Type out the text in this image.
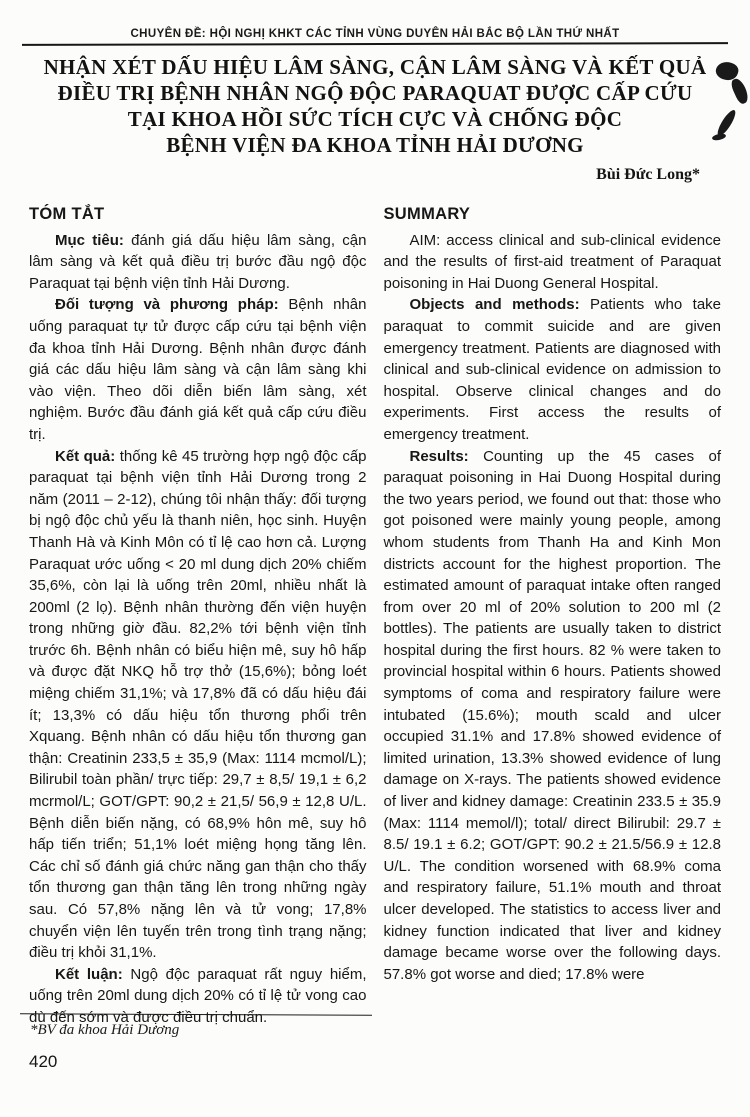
CHUYÊN ĐỀ: HỘI NGHỊ KHKT CÁC TỈNH VÙNG DUYÊN HẢI BẮC BỘ LẦN THỨ NHẤT
NHẬN XÉT DẤU HIỆU LÂM SÀNG, CẬN LÂM SÀNG VÀ KẾT QUẢ
ĐIỀU TRỊ BỆNH NHÂN NGỘ ĐỘC PARAQUAT ĐƯỢC CẤP CỨU
TẠI KHOA HỒI SỨC TÍCH CỰC VÀ CHỐNG ĐỘC
BỆNH VIỆN ĐA KHOA TỈNH HẢI DƯƠNG
Bùi Đức Long*
TÓM TẮT

Mục tiêu: đánh giá dấu hiệu lâm sàng, cận lâm sàng và kết quả điều trị bước đầu ngộ độc Paraquat tại bệnh viện tỉnh Hải Dương.

Đối tượng và phương pháp: Bệnh nhân uống paraquat tự tử được cấp cứu tại bệnh viện đa khoa tỉnh Hải Dương. Bệnh nhân được đánh giá các dấu hiệu lâm sàng và cận lâm sàng khi vào viện. Theo dõi diễn biến lâm sàng, xét nghiệm. Bước đầu đánh giá kết quả cấp cứu điều trị.

Kết quả: thống kê 45 trường hợp ngộ độc cấp paraquat tại bệnh viện tỉnh Hải Dương trong 2 năm (2011 – 2-12), chúng tôi nhận thấy: đối tượng bị ngộ độc chủ yếu là thanh niên, học sinh. Huyện Thanh Hà và Kinh Môn có tỉ lệ cao hơn cả. Lượng Paraquat ước uống < 20 ml dung dịch 20% chiếm 35,6%, còn lại là uống trên 20ml, nhiều nhất là 200ml (2 lọ). Bệnh nhân thường đến viện huyện trong những giờ đầu. 82,2% tới bệnh viện tỉnh trước 6h. Bệnh nhân có biểu hiện mê, suy hô hấp và được đặt NKQ hỗ trợ thở (15,6%); bỏng loét miệng chiếm 31,1%; và 17,8% đã có dấu hiệu đái ít; 13,3% có dấu hiệu tổn thương phổi trên Xquang. Bệnh nhân có dấu hiệu tổn thương gan thận: Creatinin 233,5 ± 35,9 (Max: 1114 mcmol/L); Bilirubil toàn phần/ trực tiếp: 29,7 ± 8,5/ 19,1 ± 6,2 mcrmol/L; GOT/GPT: 90,2 ± 21,5/ 56,9 ± 12,8 U/L. Bệnh diễn biến nặng, có 68,9% hôn mê, suy hô hấp tiến triển; 51,1% loét miệng họng tăng lên. Các chỉ số đánh giá chức năng gan thận cho thấy tổn thương gan thận tăng lên trong những ngày sau. Có 57,8% nặng lên và tử vong; 17,8% chuyển viện lên tuyến trên trong tình trạng nặng; điều trị khỏi 31,1%.

Kết luận: Ngộ độc paraquat rất nguy hiểm, uống trên 20ml dung dịch 20% có tỉ lệ tử vong cao dù đến sớm và được điều trị chuẩn.

SUMMARY

AIM: access clinical and sub-clinical evidence and the results of first-aid treatment of Paraquat poisoning in Hai Duong General Hospital.

Objects and methods: Patients who take paraquat to commit suicide and are given emergency treatment. Patients are diagnosed with clinical and sub-clinical evidence on admission to hospital. Observe clinical changes and do experiments. First access the results of emergency treatment.

Results: Counting up the 45 cases of paraquat poisoning in Hai Duong Hospital during the two years period, we found out that: those who got poisoned were mainly young people, among whom students from Thanh Ha and Kinh Mon districts account for the highest proportion. The estimated amount of paraquat intake often ranged from over 20 ml of 20% solution to 200 ml (2 bottles). The patients are usually taken to district hospital during the first hours. 82 % were taken to provincial hospital within 6 hours. Patients showed symptoms of coma and respiratory failure were intubated (15.6%); mouth scald and ulcer occupied 31.1% and 17.8% showed evidence of limited urination, 13.3% showed evidence of lung damage on X-rays. The patients showed evidence of liver and kidney damage: Creatinin 233.5 ± 35.9 (Max: 1114 memol/l); total/ direct Bilirubil: 29.7 ± 8.5/ 19.1 ± 6.2; GOT/GPT: 90.2 ± 21.5/56.9 ± 12.8 U/L. The condition worsened with 68.9% coma and respiratory failure, 51.1% mouth and throat ulcer developed. The statistics to access liver and kidney function indicated that liver and kidney damage became worse over the following days. 57.8% got worse and died; 17.8% were

*BV đa khoa Hải Dương
420
